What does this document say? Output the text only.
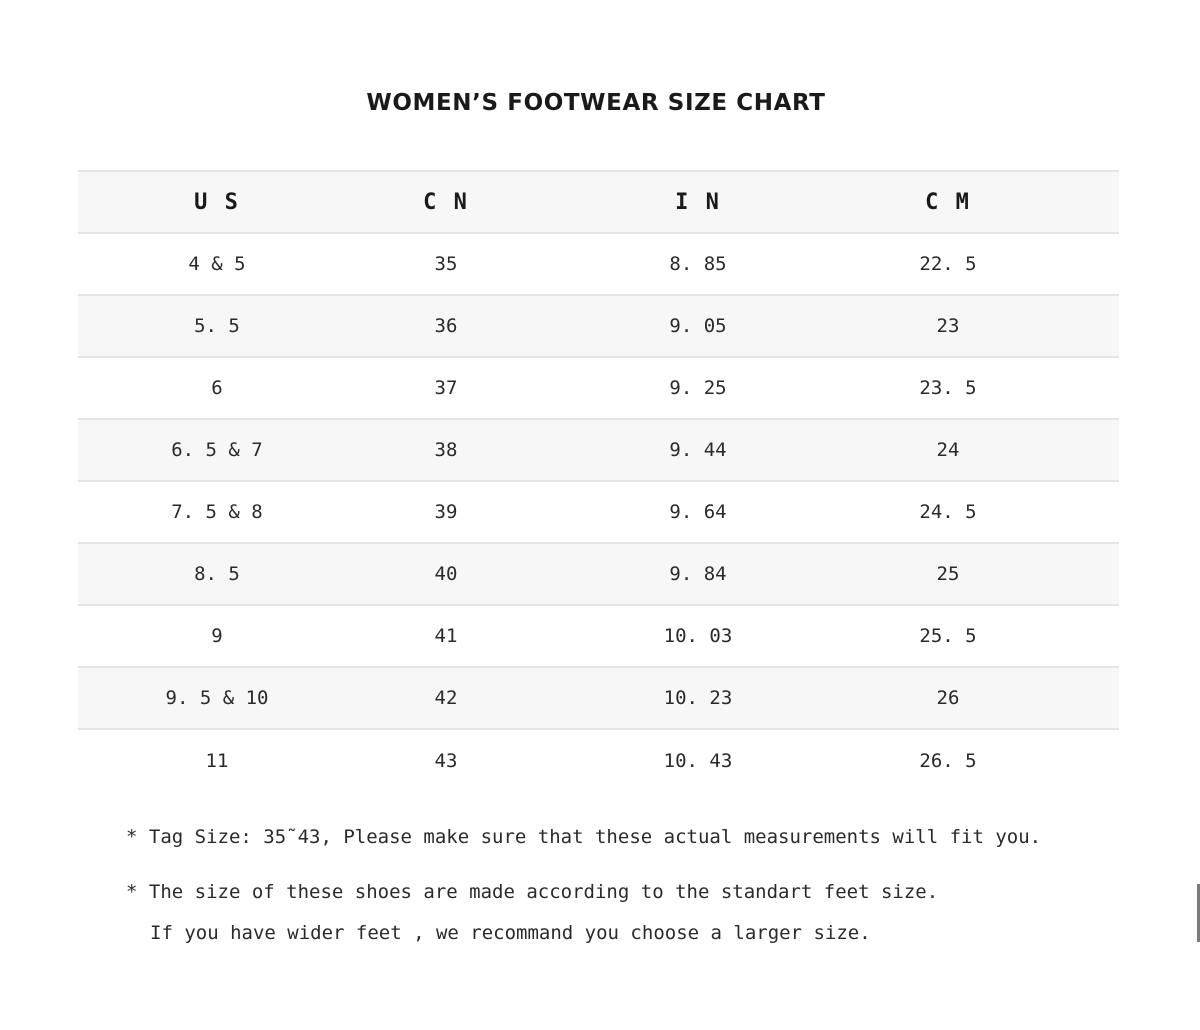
WOMEN’S FOOTWEAR SIZE CHART
U S	C N	I N	C M
4 & 5	35	8. 85	22. 5
5. 5	36	9. 05	23
6	37	9. 25	23. 5
6. 5 & 7	38	9. 44	24
7. 5 & 8	39	9. 64	24. 5
8. 5	40	9. 84	25
9	41	10. 03	25. 5
9. 5 & 10	42	10. 23	26
11	43	10. 43	26. 5
* Tag Size: 35˜43, Please make sure that these actual measurements will fit you.
* The size of these shoes are made according to the standart feet size.
If you have wider feet , we recommand you choose a larger size.
